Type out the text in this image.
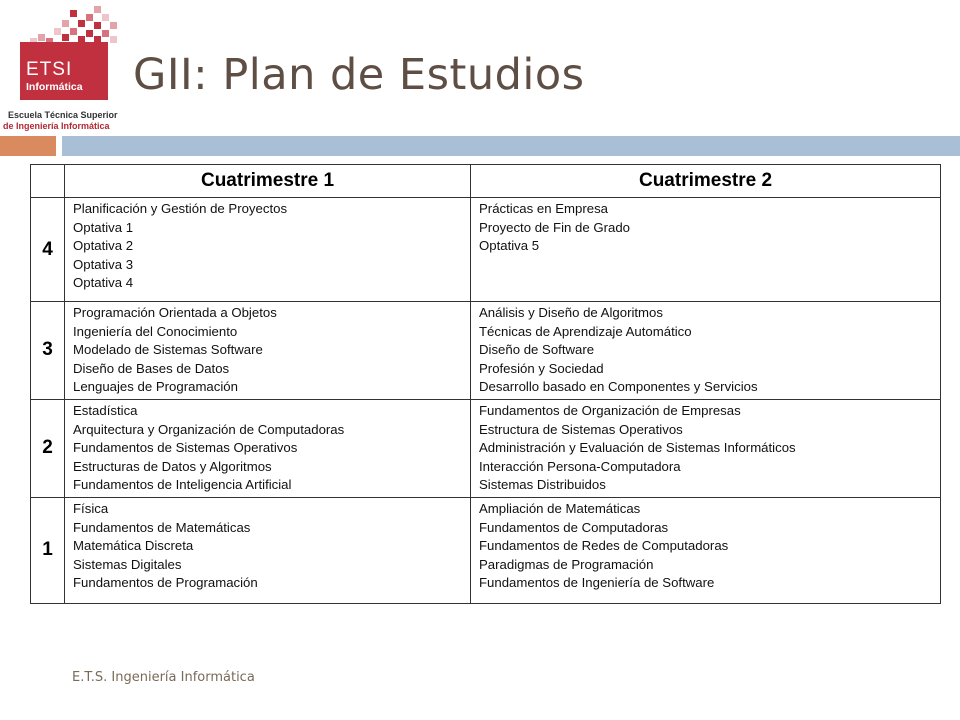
ETSI
Informática
Escuela Técnica Superior
de Ingeniería Informática
GII: Plan de Estudios
	Cuatrimestre 1	Cuatrimestre 2
4	Planificación y Gestión de Proyectos
Optativa 1
Optativa 2
Optativa 3
Optativa 4	Prácticas en Empresa
Proyecto de Fin de Grado
Optativa 5

3	Programación Orientada a Objetos
Ingeniería del Conocimiento
Modelado de Sistemas Software
Diseño de Bases de Datos
Lenguajes de Programación	Análisis y Diseño de Algoritmos
Técnicas de Aprendizaje Automático
Diseño de Software
Profesión y Sociedad
Desarrollo basado en Componentes y Servicios

2	Estadística
Arquitectura y Organización de Computadoras
Fundamentos de Sistemas Operativos
Estructuras de Datos y Algoritmos
Fundamentos de Inteligencia Artificial	Fundamentos de Organización de Empresas
Estructura de Sistemas Operativos
Administración y Evaluación de Sistemas Informáticos
Interacción Persona-Computadora
Sistemas Distribuidos

1	Física
Fundamentos de Matemáticas
Matemática Discreta
Sistemas Digitales
Fundamentos de Programación	Ampliación de Matemáticas
Fundamentos de Computadoras
Fundamentos de Redes de Computadoras
Paradigmas de Programación
Fundamentos de Ingeniería de Software
E.T.S. Ingeniería Informática
